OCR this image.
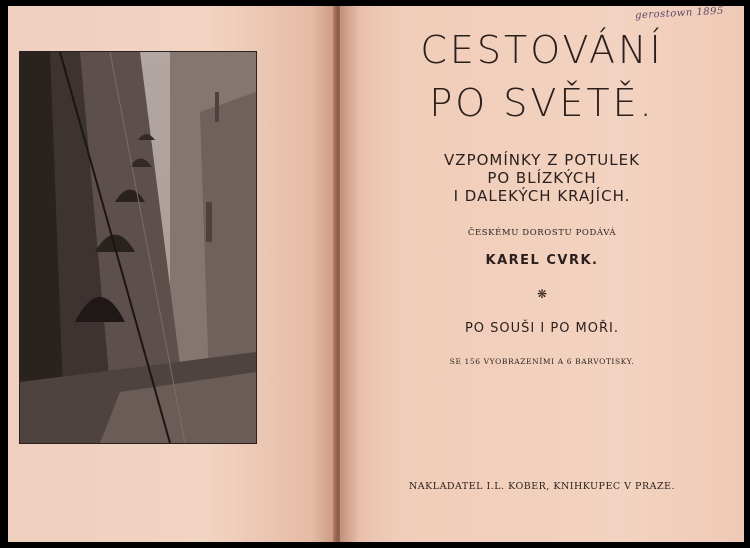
gerostown 1895
CESTOVÁNÍ
PO SVĚTĚ.
VZPOMÍNKY Z POTULEK
PO BLÍZKÝCH
I DALEKÝCH KRAJÍCH.
ČESKÉMU DOROSTU PODÁVÁ
KAREL CVRK.
❋
PO SOUŠI I PO MOŘI.
SE 156 VYOBRAZENÍMI A 6 BARVOTISKY.
NAKLADATEL I.L. KOBER, KNIHKUPEC V PRAZE.
